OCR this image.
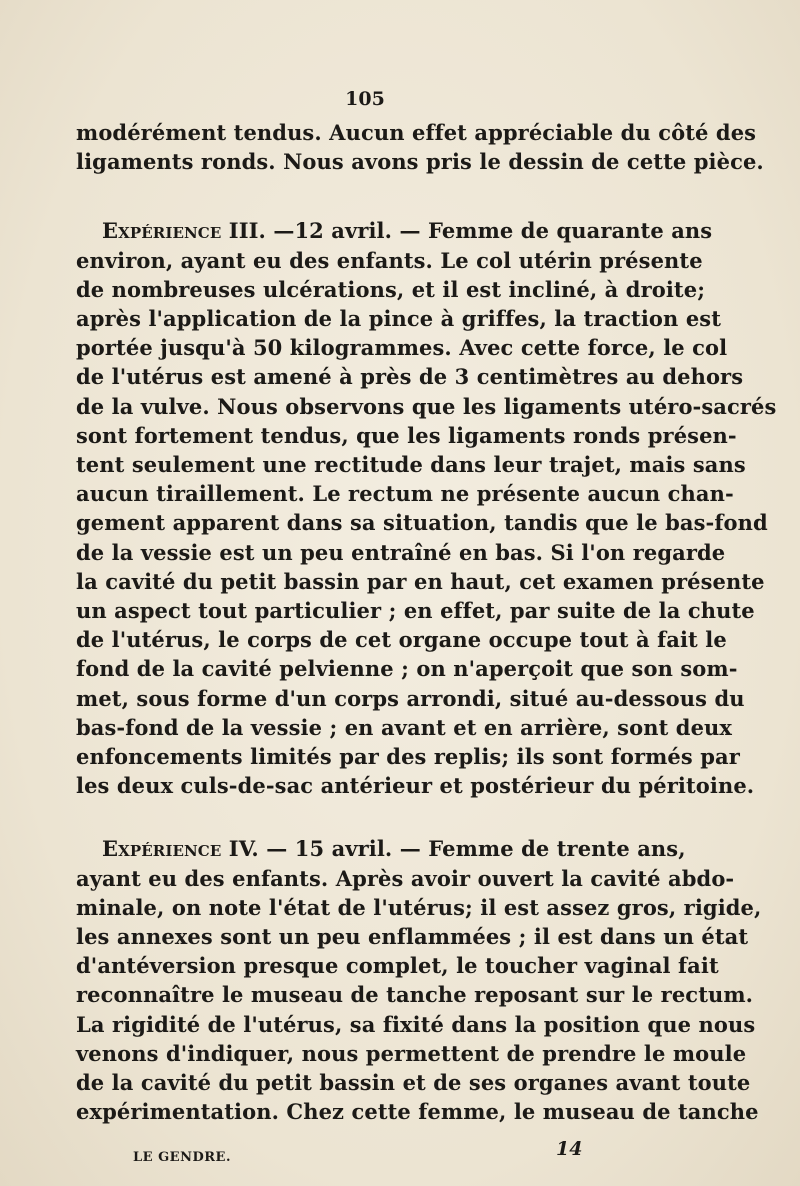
105
modérément tendus. Aucun effet appréciable du côté des
ligaments ronds. Nous avons pris le dessin de cette pièce.
Expérience III. —12 avril. — Femme de quarante ans
environ, ayant eu des enfants. Le col utérin présente
de nombreuses ulcérations, et il est incliné, à droite;
après l'application de la pince à griffes, la traction est
portée jusqu'à 50 kilogrammes. Avec cette force, le col
de l'utérus est amené à près de 3 centimètres au dehors
de la vulve. Nous observons que les ligaments utéro-sacrés
sont fortement tendus, que les ligaments ronds présen-
tent seulement une rectitude dans leur trajet, mais sans
aucun tiraillement. Le rectum ne présente aucun chan-
gement apparent dans sa situation, tandis que le bas-fond
de la vessie est un peu entraîné en bas. Si l'on regarde
la cavité du petit bassin par en haut, cet examen présente
un aspect tout particulier ; en effet, par suite de la chute
de l'utérus, le corps de cet organe occupe tout à fait le
fond de la cavité pelvienne ; on n'aperçoit que son som-
met, sous forme d'un corps arrondi, situé au-dessous du
bas-fond de la vessie ; en avant et en arrière, sont deux
enfoncements limités par des replis; ils sont formés par
les deux culs-de-sac antérieur et postérieur du péritoine.
Expérience IV. — 15 avril. — Femme de trente ans,
ayant eu des enfants. Après avoir ouvert la cavité abdo-
minale, on note l'état de l'utérus; il est assez gros, rigide,
les annexes sont un peu enflammées ; il est dans un état
d'antéversion presque complet, le toucher vaginal fait
reconnaître le museau de tanche reposant sur le rectum.
La rigidité de l'utérus, sa fixité dans la position que nous
venons d'indiquer, nous permettent de prendre le moule
de la cavité du petit bassin et de ses organes avant toute
expérimentation. Chez cette femme, le museau de tanche
LE GENDRE.	14
